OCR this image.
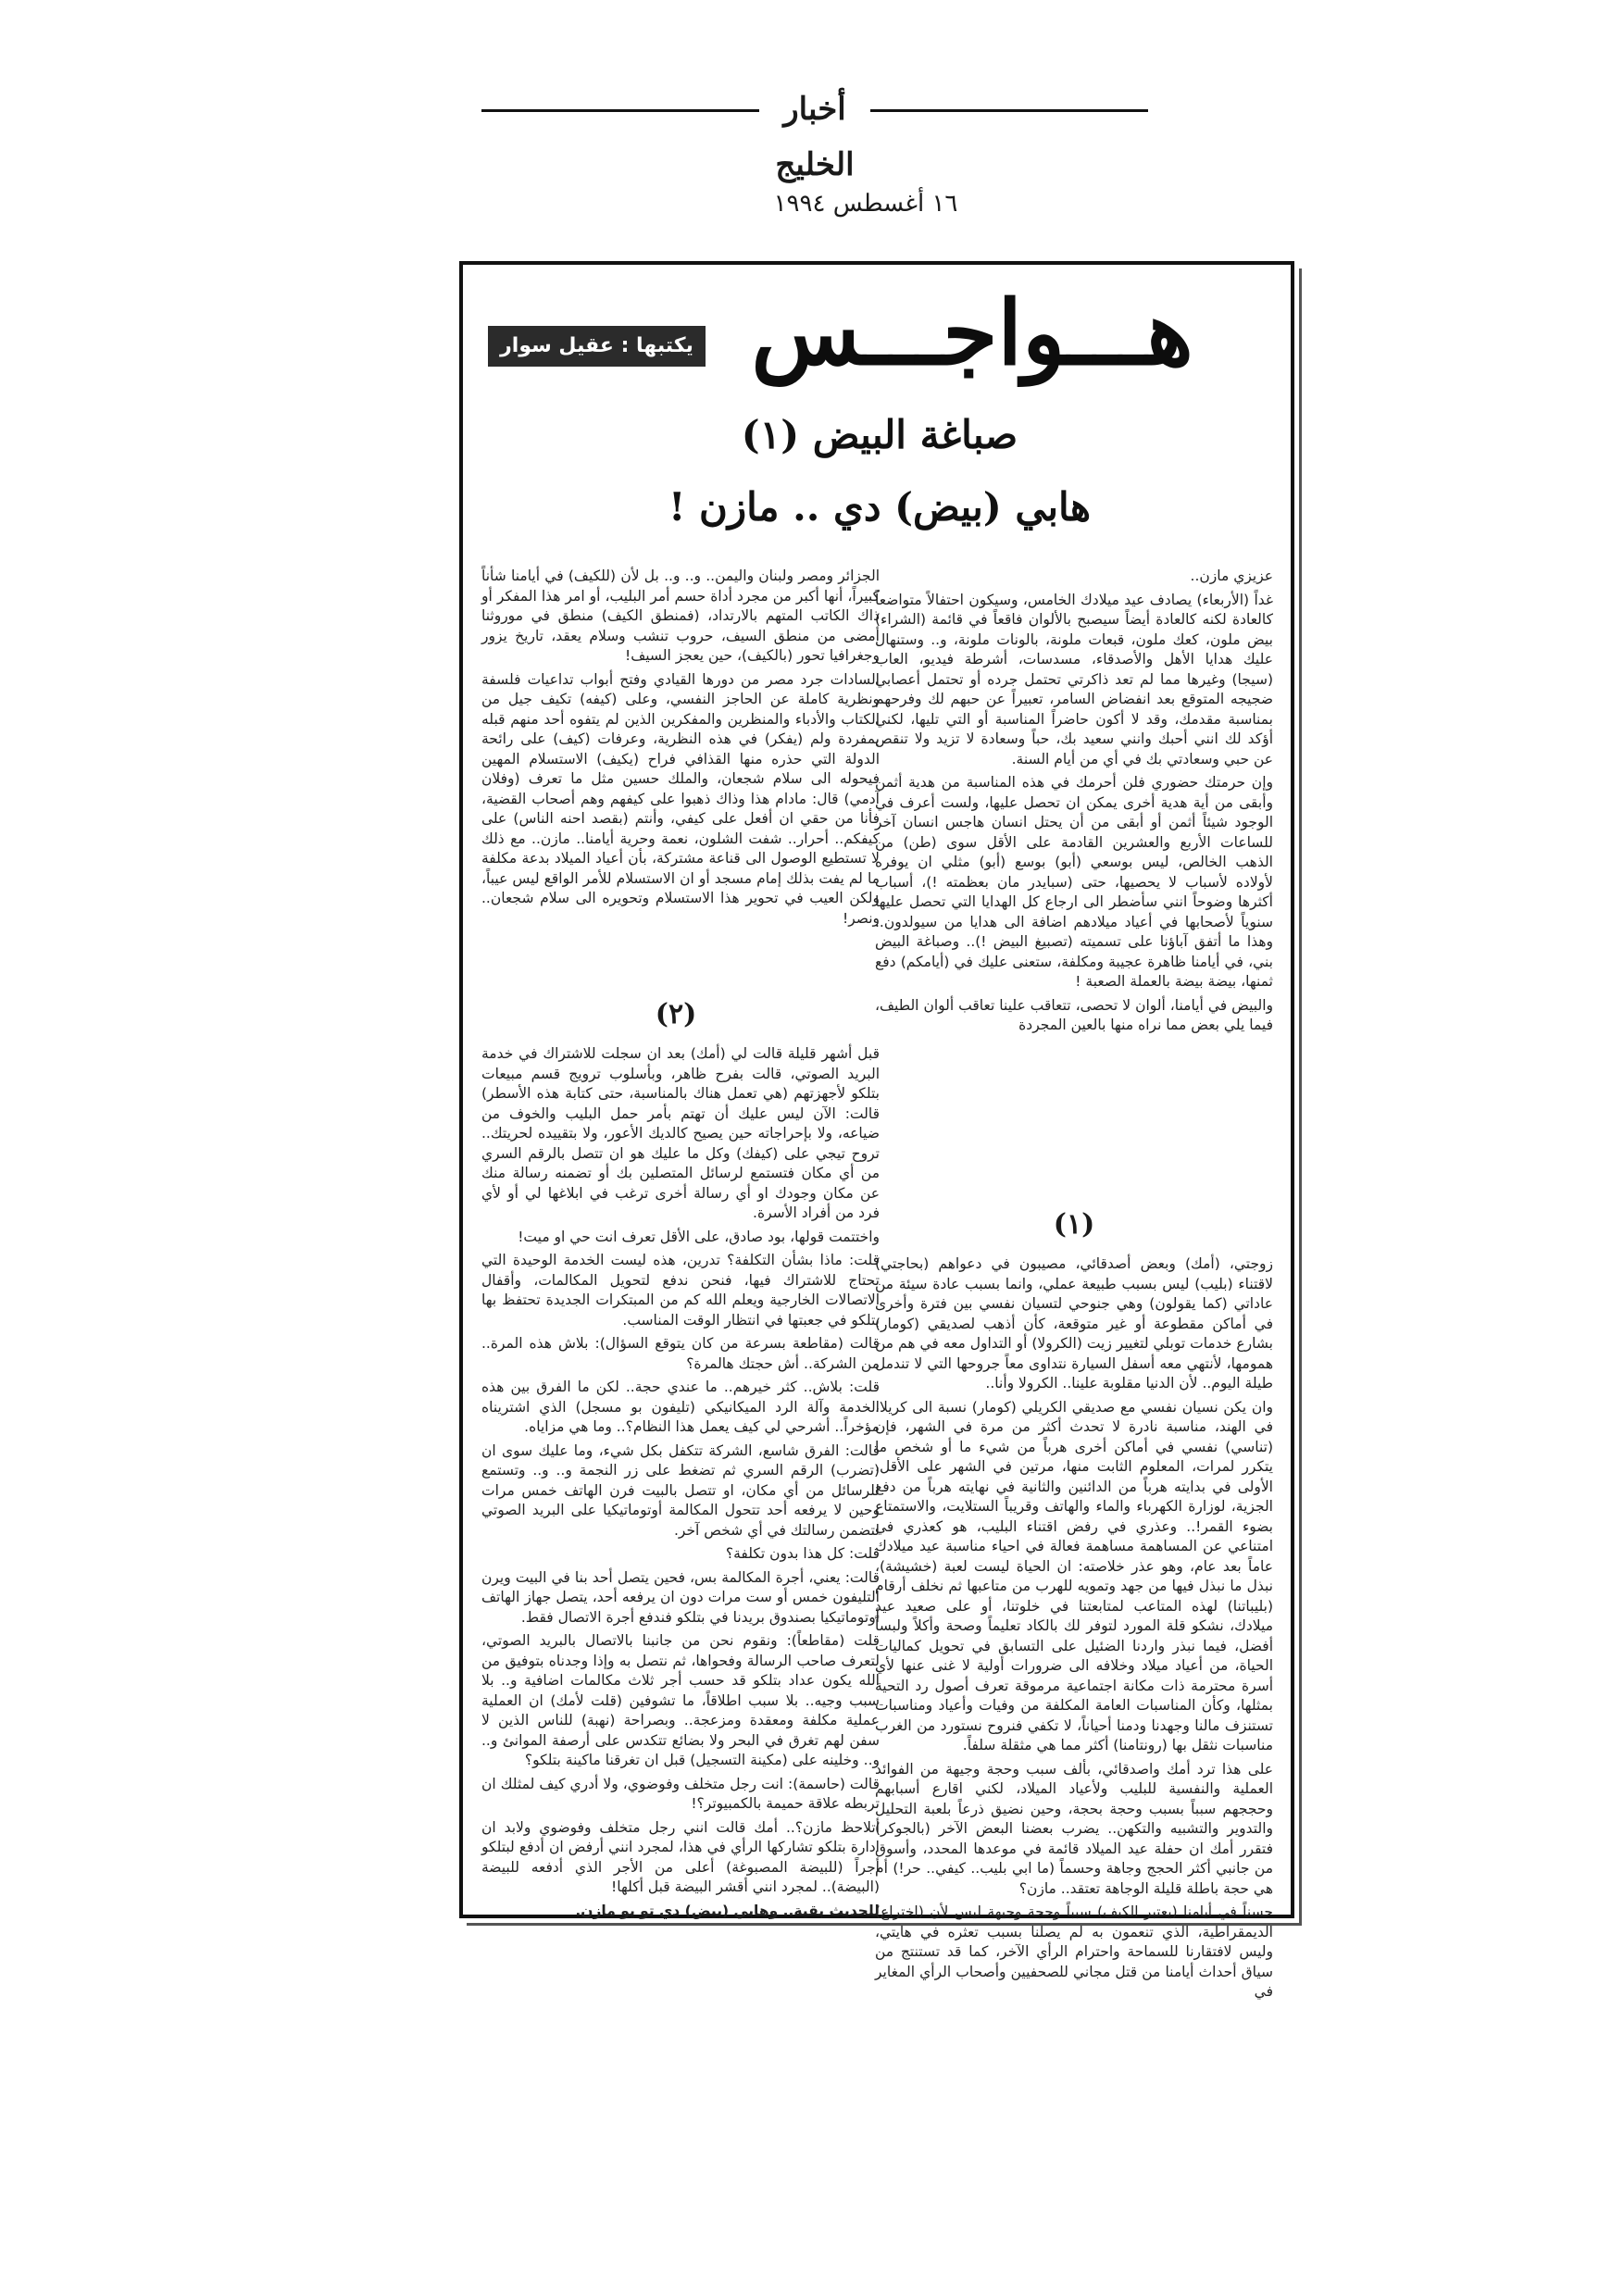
أخبار الخليج
١٦ أغسطس ١٩٩٤
هـــواجـــس
يكتبها : عقيل سوار
صباغة البيض (١)
هابي (بيض) دي .. مازن !

عزيزي مازن..

غداً (الأربعاء) يصادف عيد ميلادك الخامس، وسيكون احتفالاً متواضعاً كالعادة لكنه كالعادة أيضاً سيصبح بالألوان فاقعاً في قائمة (الشراء) بيض ملون، كعك ملون، قبعات ملونة، بالونات ملونة، و.. وستنهال عليك هدايا الأهل والأصدقاء، مسدسات، أشرطة فيديو، العاب (سيجا) وغيرها مما لم تعد ذاكرتي تحتمل جرده أو تحتمل أعصابي ضجيجه المتوقع بعد انفضاض السامر، تعبيراً عن حبهم لك وفرحهم بمناسبة مقدمك، وقد لا أكون حاضراً المناسبة أو التي تليها، لكني أؤكد لك انني أحبك وانني سعيد بك، حباً وسعادة لا تزيد ولا تنقص عن حبي وسعادتي بك في أي من أيام السنة.

وإن حرمتك حضوري فلن أحرمك في هذه المناسبة من هدية أثمن وأبقى من أية هدية أخرى يمكن ان تحصل عليها، ولست أعرف في الوجود شيئاً أثمن أو أبقى من أن يحتل انسان هاجس انسان آخر للساعات الأربع والعشرين القادمة على الأقل سوى (طن) من الذهب الخالص، ليس بوسعي (أبو) بوسع (أبو) مثلي ان يوفره لأولاده لأسباب لا يحصيها، حتى (سبايدر مان بعظمته !)، أسباب أكثرها وضوحاً انني سأضطر الى ارجاع كل الهدايا التي تحصل عليها سنوياً لأصحابها في أعياد ميلادهم اضافة الى هدايا من سيولدون.. وهذا ما أتفق آباؤنا على تسميته (تصبيغ البيض !).. وصباغة البيض بني، في أيامنا ظاهرة عجيبة ومكلفة، ستعنى عليك في (أيامكم) دفع ثمنها، بيضة بيضة بالعملة الصعبة !

والبيض في أيامنا، ألوان لا تحصى، تتعاقب علينا تعاقب ألوان الطيف، فيما يلي بعض مما نراه منها بالعين المجردة

الجزائر ومصر ولبنان واليمن.. و.. و.. بل لأن (للكيف) في أيامنا شأناً كبيراً، أنها أكبر من مجرد أداة حسم أمر البليب، أو امر هذا المفكر أو ذاك الكاتب المتهم بالارتداد، (فمنطق الكيف) منطق في موروثنا أمضى من منطق السيف، حروب تنشب وسلام يعقد، تاريخ يزور وجغرافيا تحور (بالكيف)، حين يعجز السيف!

السادات جرد مصر من دورها القيادي وفتح أبواب تداعيات فلسفة ونظرية كاملة عن الحاجز النفسي، وعلى (كيفه) تكيف جيل من الكتاب والأدباء والمنظرين والمفكرين الذين لم يتفوه أحد منهم قبله بمفردة ولم (يفكر) في هذه النظرية، وعرفات (كيف) على رائحة الدولة التي حذره منها القذافي فراح (يكيف) الاستسلام المهين فيحوله الى سلام شجعان، والملك حسين مثل ما تعرف (وفلان آدمي) قال: مادام هذا وذاك ذهبوا على كيفهم وهم أصحاب القضية، فأنا من حقي ان أفعل على كيفي، وأنتم (بقصد احنه الناس) على كيفكم.. أحرار.. شفت الشلون، نعمة وحرية أيامنا.. مازن.. مع ذلك لا تستطيع الوصول الى قناعة مشتركة، بأن أعياد الميلاد بدعة مكلفة ما لم يفت بذلك إمام مسجد أو ان الاستسلام للأمر الواقع ليس عيباً، ولكن العيب في تحوير هذا الاستسلام وتحويره الى سلام شجعان.. ونصر!

(١)
(٢)

زوجتي، (أمك) وبعض أصدقائي، مصيبون في دعواهم (بحاجتي) لاقتناء (بليب) ليس بسبب طبيعة عملي، وانما بسبب عادة سيئة من عاداتي (كما يقولون) وهي جنوحي لتسيان نفسي بين فترة وأخرى في أماكن مقطوعة أو غير متوقعة، كأن أذهب لصديقي (كومار) بشارع خدمات توبلي لتغيير زيت (الكرولا) أو التداول معه في هم من همومها، لأنتهي معه أسفل السيارة نتداوى معاً جروحها التي لا تندمل طيلة اليوم.. لأن الدنيا مقلوبة علينا.. الكرولا وأنا..

وان يكن نسيان نفسي مع صديقي الكريلي (كومار) نسبة الى كريلا، في الهند، مناسبة نادرة لا تحدث أكثر من مرة في الشهر، فإن (تناسي) نفسي في أماكن أخرى هرباً من شيء ما أو شخص ما يتكرر لمرات، المعلوم الثابت منها، مرتين في الشهر على الأقل، الأولى في بدايته هرباً من الدائنين والثانية في نهايته هرباً من دفع الجزية، لوزارة الكهرباء والماء والهاتف وقريباً الستلايت، والاستمتاع بضوء القمر!.. وعذري في رفض اقتناء البليب، هو كعذري في امتناعي عن المساهمة مساهمة فعالة في احياء مناسبة عيد ميلادك عاماً بعد عام، وهو عذر خلاصته: ان الحياة ليست لعبة (خشيشة)، نبذل ما نبذل فيها من جهد وتمويه للهرب من متاعبها ثم نخلف أرقام (بليباتنا) لهذه المتاعب لمتابعتنا في خلوتنا، أو على صعيد عيد ميلادك، نشكو قلة المورد لتوفر لك بالكاد تعليماً وصحة وأكلاً ولبساً أفضل، فيما نبذر واردنا الضئيل على التسابق في تحويل كماليات الحياة، من أعياد ميلاد وخلافه الى ضرورات أولية لا غنى عنها لأي أسرة محترمة ذات مكانة اجتماعية مرموقة تعرف أصول رد التحية بمثلها، وكأن المناسبات العامة المكلفة من وفيات وأعياد ومناسبات تستنزف مالنا وجهدنا ودمنا أحياناً، لا تكفي فنروح نستورد من الغرب مناسبات نثقل بها (رونتامنا) أكثر مما هي مثقلة سلفاً.

على هذا ترد أمك واصدقائي، بألف سبب وحجة وجيهة من الفوائد العملية والنفسية للبليب ولأعياد الميلاد، لكني اقارع أسبابهم وحججهم سبباً بسبب وحجة بحجة، وحين نضيق ذرعاً بلعبة التحليل والتدوير والتشبيه والتكهن.. يضرب بعضنا البعض الآخر (بالجوكر) فتقرر أمك ان حفلة عيد الميلاد قائمة في موعدها المحدد، وأسوق من جانبي أكثر الحجج وجاهة وحسماً (ما ابي بليب.. كيفي.. حر!) أم هي حجة باطلة قليلة الوجاهة تعتقد.. مازن؟

حسناً في أيامنا (يعتبر الكيف) سبباً وحجة وجيهة ليس لأن (اختراع) الديمقراطية، الذي تنعمون به لم يصلنا بسبب تعثره في هايتي، وليس لافتقارنا للسماحة واحترام الرأي الآخر، كما قد تستنتج من سياق أحداث أيامنا من قتل مجاني للصحفيين وأصحاب الرأي المغاير في

قبل أشهر قليلة قالت لي (أمك) بعد ان سجلت للاشتراك في خدمة البريد الصوتي، قالت بفرح ظاهر، وبأسلوب ترويج قسم مبيعات بتلكو لأجهزتهم (هي تعمل هناك بالمناسبة، حتى كتابة هذه الأسطر) قالت: الآن ليس عليك أن تهتم بأمر حمل البليب والخوف من ضياعه، ولا بإحراجاته حين يصيح كالديك الأعور، ولا بتقييده لحريتك.. تروح تيجي على (كيفك) وكل ما عليك هو ان تتصل بالرقم السري من أي مكان فتستمع لرسائل المتصلين بك أو تضمنه رسالة منك عن مكان وجودك او أي رسالة أخرى ترغب في ابلاغها لي أو لأي فرد من أفراد الأسرة.

واختتمت قولها، بود صادق، على الأقل تعرف انت حي او ميت!

قلت: ماذا بشأن التكلفة؟ تدرين، هذه ليست الخدمة الوحيدة التي تحتاج للاشتراك فيها، فنحن ندفع لتحويل المكالمات، وأقفال الاتصالات الخارجية ويعلم الله كم من المبتكرات الجديدة تحتفظ بها بتلكو في جعبتها في انتظار الوقت المناسب.

قالت (مقاطعة بسرعة من كان يتوقع السؤال): بلاش هذه المرة.. من الشركة.. أش حجتك هالمرة؟

قلت: بلاش.. كثر خيرهم.. ما عندي حجة.. لكن ما الفرق بين هذه الخدمة وآلة الرد الميكانيكي (تليفون بو مسجل) الذي اشتريناه مؤخراً.. أشرحي لي كيف يعمل هذا النظام؟.. وما هي مزاياه.

قالت: الفرق شاسع، الشركة تتكفل بكل شيء، وما عليك سوى ان (تضرب) الرقم السري ثم تضغط على زر النجمة و.. و.. وتستمع للرسائل من أي مكان، او تتصل بالبيت فرن الهاتف خمس مرات وحين لا يرفعه أحد تتحول المكالمة أوتوماتيكيا على البريد الصوتي لتضمن رسالتك في أي شخص آخر.

قلت: كل هذا بدون تكلفة؟

قالت: يعني، أجرة المكالمة بس، فحين يتصل أحد بنا في البيت ويرن التليفون خمس أو ست مرات دون ان يرفعه أحد، يتصل جهاز الهاتف أوتوماتيكيا بصندوق بريدنا في بتلكو فندفع أجرة الاتصال فقط.

قلت (مقاطعاً): ونقوم نحن من جانبنا بالاتصال بالبريد الصوتي، لتعرف صاحب الرسالة وفحواها، ثم نتصل به وإذا وجدناه بتوفيق من الله يكون عداد بتلكو قد حسب أجر ثلاث مكالمات اضافية و.. بلا سبب وجيه.. بلا سبب اطلاقاً، ما تشوفين (قلت لأمك) ان العملية عملية مكلفة ومعقدة ومزعجة.. وبصراحة (نهبة) للناس الذين لا سفن لهم تغرق في البحر ولا بضائع تتكدس على أرصفة الموانئ و.. و.. وخلينه على (مكينة التسجيل) قبل ان تغرقنا ماكينة بتلكو؟

قالت (حاسمة): انت رجل متخلف وفوضوي، ولا أدري كيف لمثلك ان تربطه علاقة حميمة بالكمبيوتر؟!

أتلاحظ مازن؟.. أمك قالت انني رجل متخلف وفوضوي ولابد ان ادارة بتلكو تشاركها الرأي في هذا، لمجرد انني أرفض ان أدفع لبتلكو أجراً (للبيضة المصبوغة) أعلى من الأجر الذي أدفعه للبيضة (البيضة).. لمجرد انني أقشر البيضة قبل أكلها!

للحديث بقية.. وهابي (بيض) دي تو يو مازن.
